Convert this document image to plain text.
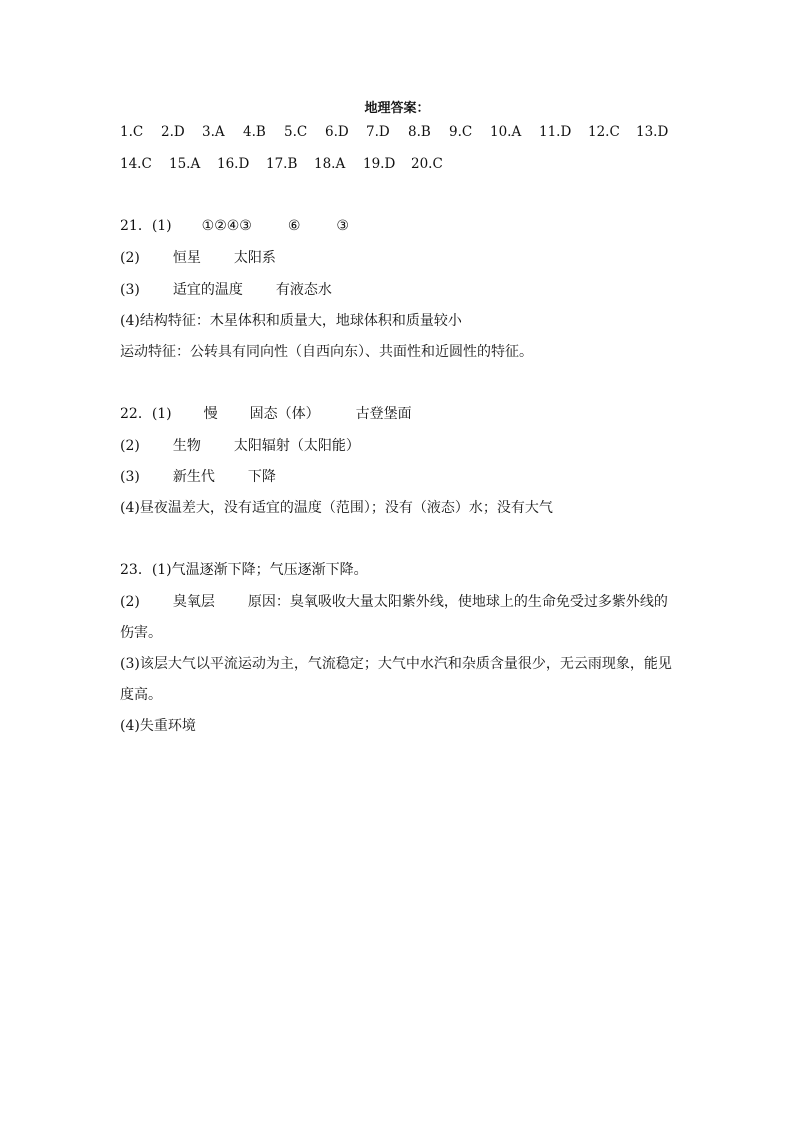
地理答案：
1.C 2.D 3.A 4.B 5.C 6.D 7.D 8.B 9.C 10.A 11.D 12.C 13.D
14.C 15.A 16.D 17.B 18.A 19.D 20.C
21．(1) ①②④③	⑥	③
(2) 恒星 太阳系
(3) 适宜的温度 有液态水
(4)结构特征：木星体积和质量大，地球体积和质量较小
运动特征：公转具有同向性（自西向东）、共面性和近圆性的特征。
22．(1) 慢 固态（体）	古登堡面
(2) 生物 太阳辐射（太阳能）
(3) 新生代 下降
(4)昼夜温差大，没有适宜的温度（范围）；没有（液态）水；没有大气
23．(1)气温逐渐下降；气压逐渐下降。
(2) 臭氧层 原因：臭氧吸收大量太阳紫外线，使地球上的生命免受过多紫外线的
伤害。
(3)该层大气以平流运动为主，气流稳定；大气中水汽和杂质含量很少，无云雨现象，能见
度高。
(4)失重环境
